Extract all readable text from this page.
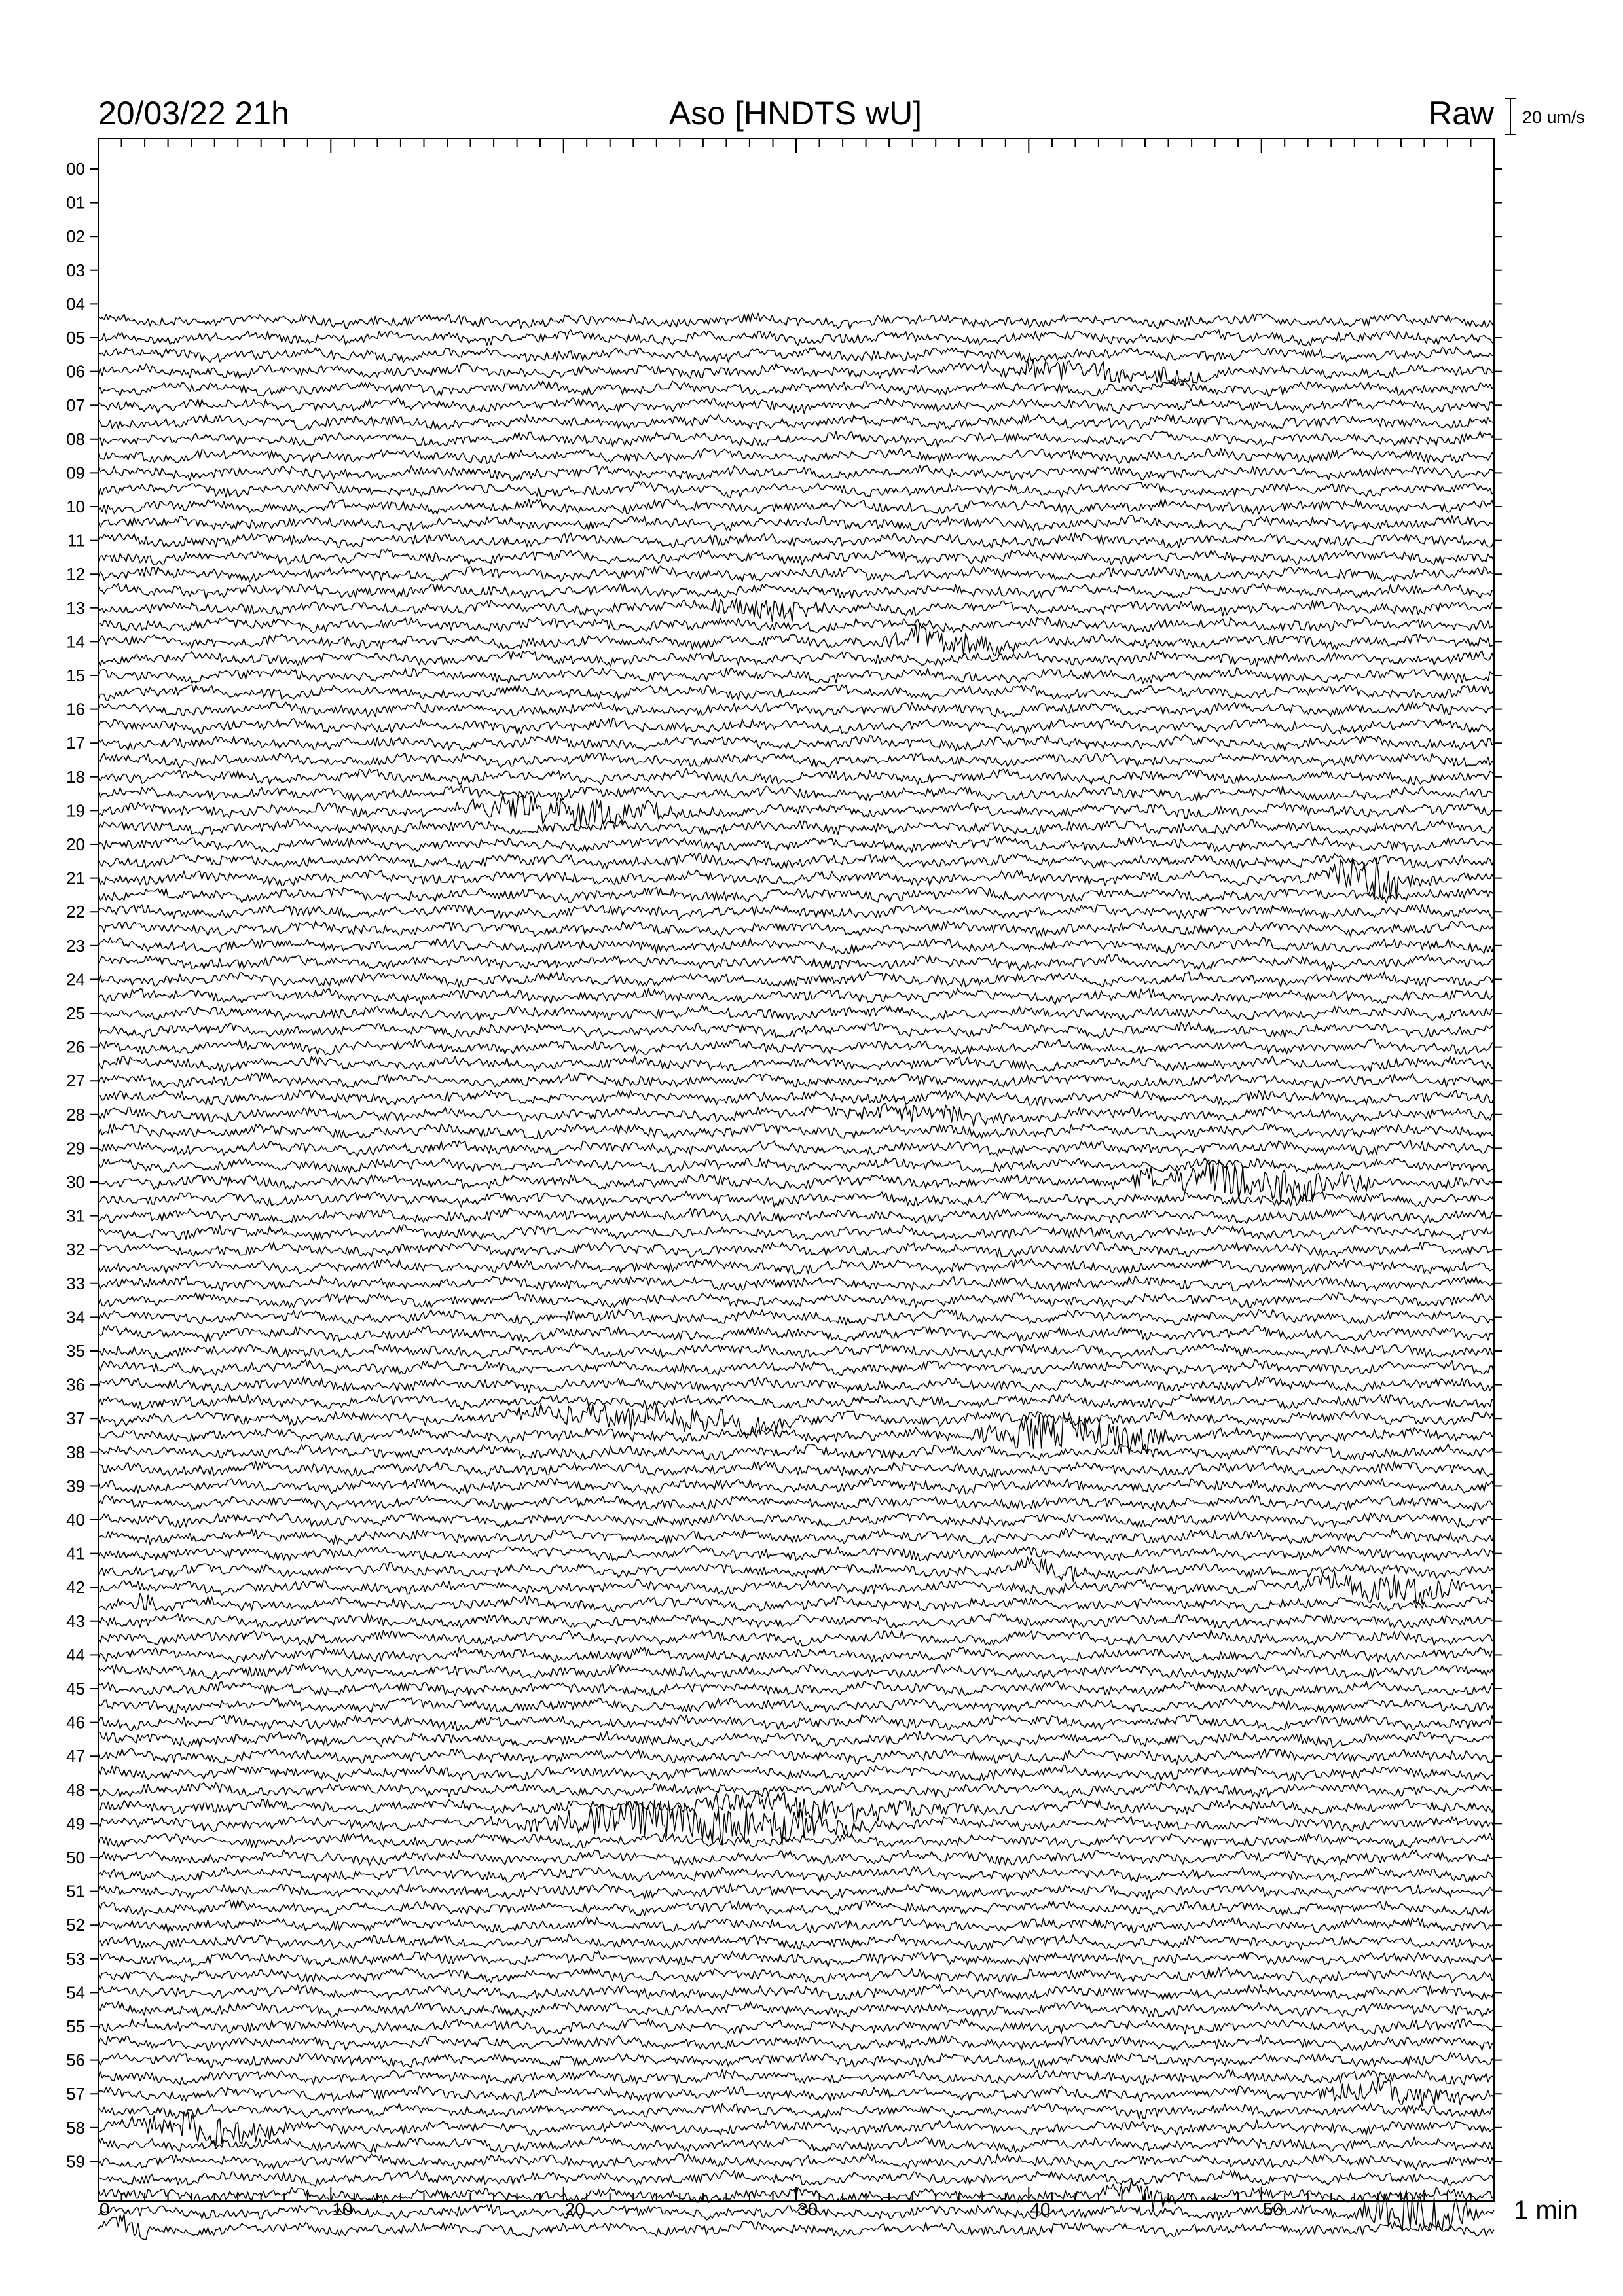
20/03/22 21h	Aso [HNDTS wU]	Raw 20 um/s
00
01
02
03
04
05
06
07
08
09
10
11
12
13
14
15
16
17
18
19
20
21
22
23
24
25
26
27
28
29
30
31
32
33
34
35
36
37
38
39
40
41
42
43
44
45
46
47
48
49
50
51
52
53
54
55
56
57
58
59
0	10	20	30	40	50	1 min
